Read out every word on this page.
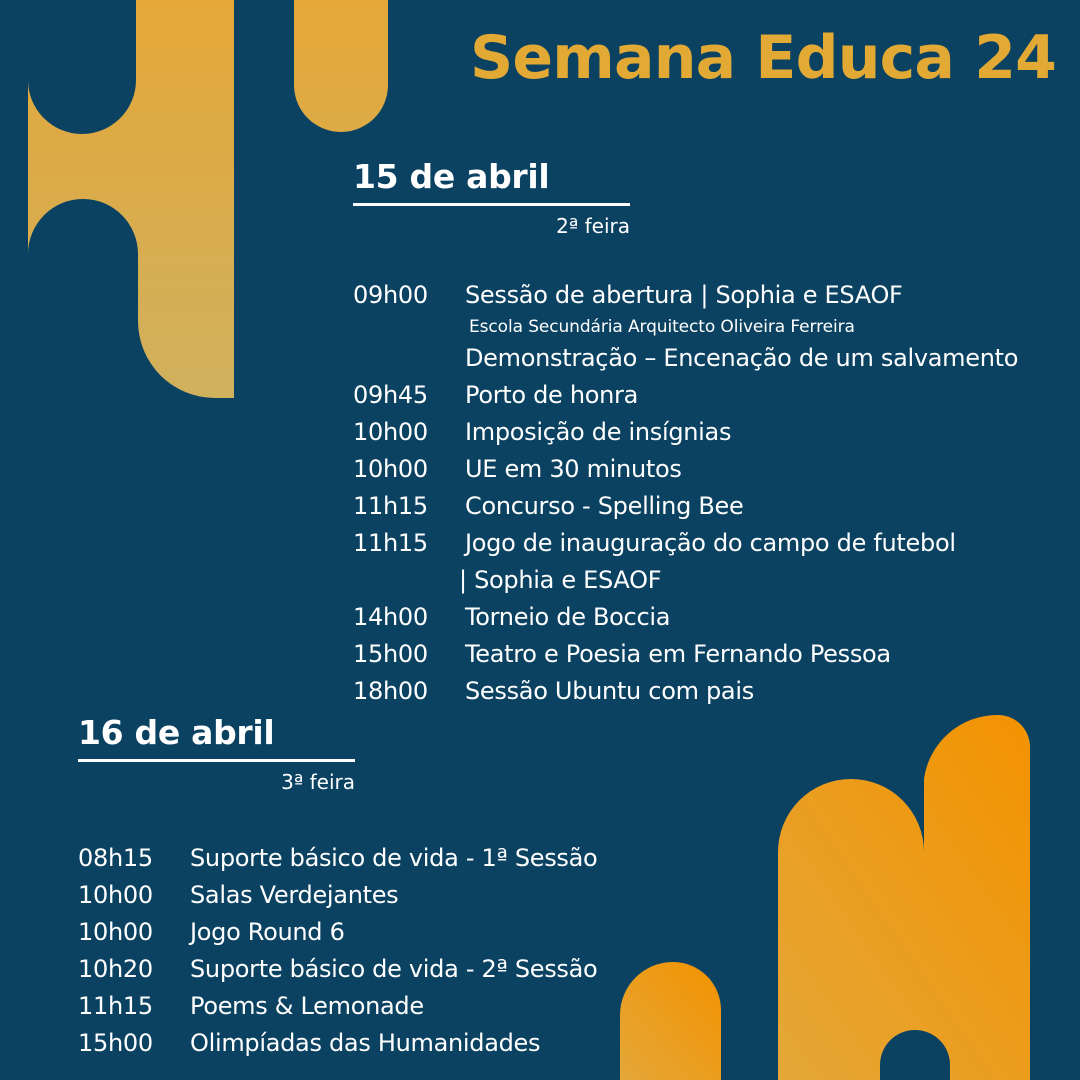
Semana Educa 24
15 de abril
2ª feira
09h00	Sessão de abertura | Sophia e ESAOF
Escola Secundária Arquitecto Oliveira Ferreira
Demonstração – Encenação de um salvamento
09h45	Porto de honra
10h00	Imposição de insígnias
10h00	UE em 30 minutos
11h15	Concurso - Spelling Bee
11h15	Jogo de inauguração do campo de futebol
| Sophia e ESAOF
14h00	Torneio de Boccia
15h00	Teatro e Poesia em Fernando Pessoa
18h00	Sessão Ubuntu com pais
16 de abril
3ª feira
08h15	Suporte básico de vida - 1ª Sessão
10h00	Salas Verdejantes
10h00	Jogo Round 6
10h20	Suporte básico de vida - 2ª Sessão
11h15	Poems & Lemonade
15h00	Olimpíadas das Humanidades
